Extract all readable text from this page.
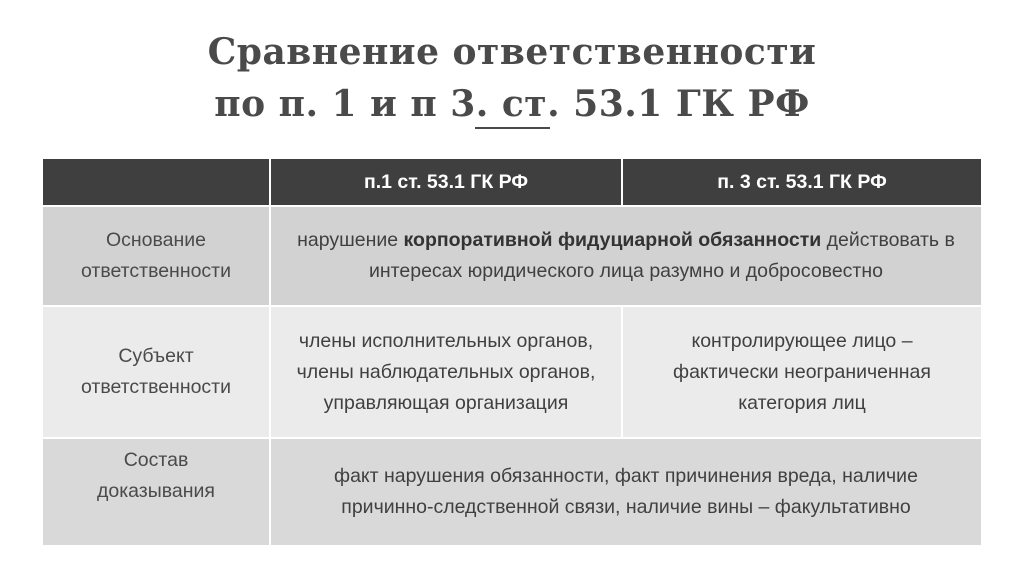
Сравнение ответственности
по п. 1 и п 3. ст. 53.1 ГК РФ
	п.1 ст. 53.1 ГК РФ	п. 3 ст. 53.1 ГК РФ
Основание ответственности	нарушение корпоративной фидуциарной обязанности действовать в интересах юридического лица разумно и добросовестно	
Субъект ответственности	члены исполнительных органов, члены наблюдательных органов, управляющая организация	контролирующее лицо – фактически неограниченная категория лиц
Состав доказывания	факт нарушения обязанности, факт причинения вреда, наличие причинно-следственной связи, наличие вины – факультативно	
